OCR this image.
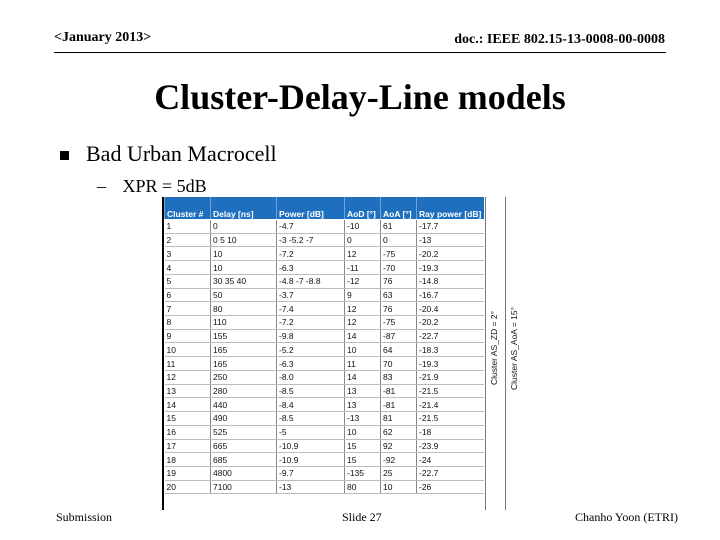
<January 2013>	doc.: IEEE 802.15-13-0008-00-0008
Cluster-Delay-Line models
Bad Urban Macrocell
– XPR = 5dB
Cluster #	Delay [ns]	Power [dB]	AoD [°]	AoA [°]	Ray power [dB]
1	0	-4.7	-10	61	-17.7
2	0 5 10	-3 -5.2 -7	0	0	-13
3	10	-7.2	12	-75	-20.2
4	10	-6.3	-11	-70	-19.3
5	30 35 40	-4.8 -7 -8.8	-12	76	-14.8
6	50	-3.7	9	63	-16.7
7	80	-7.4	12	76	-20.4
8	110	-7.2	12	-75	-20.2
9	155	-9.8	14	-87	-22.7
10	165	-5.2	10	64	-18.3
11	165	-6.3	11	70	-19.3
12	250	-8.0	14	83	-21.9
13	280	-8.5	13	-81	-21.5
14	440	-8.4	13	-81	-21.4
15	490	-8.5	-13	81	-21.5
16	525	-5	10	62	-18
17	665	-10.9	15	92	-23.9
18	685	-10.9	15	-92	-24
19	4800	-9.7	-135	25	-22.7
20	7100	-13	80	10	-26
Cluster AS_ZD = 2° Cluster AS_AoA = 15°
Submission	Slide 27	Chanho Yoon (ETRI)
